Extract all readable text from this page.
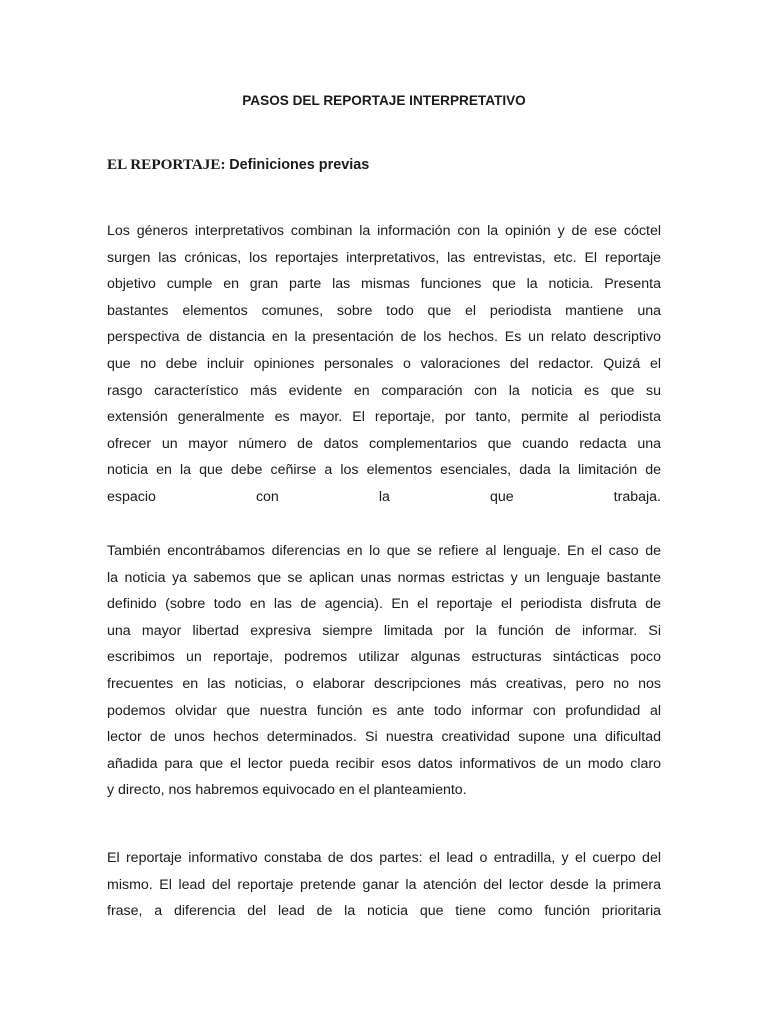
PASOS DEL REPORTAJE INTERPRETATIVO
EL REPORTAJE: Definiciones previas

Los géneros interpretativos combinan la información con la opinión y de ese cóctel
surgen las crónicas, los reportajes interpretativos, las entrevistas, etc. El reportaje
objetivo cumple en gran parte las mismas funciones que la noticia. Presenta
bastantes elementos comunes, sobre todo que el periodista mantiene una
perspectiva de distancia en la presentación de los hechos. Es un relato descriptivo
que no debe incluir opiniones personales o valoraciones del redactor. Quizá el
rasgo característico más evidente en comparación con la noticia es que su
extensión generalmente es mayor. El reportaje, por tanto, permite al periodista
ofrecer un mayor número de datos complementarios que cuando redacta una
noticia en la que debe ceñirse a los elementos esenciales, dada la limitación de
espacio con la que trabaja.

También encontrábamos diferencias en lo que se refiere al lenguaje. En el caso de
la noticia ya sabemos que se aplican unas normas estrictas y un lenguaje bastante
definido (sobre todo en las de agencia). En el reportaje el periodista disfruta de
una mayor libertad expresiva siempre limitada por la función de informar. Si
escribimos un reportaje, podremos utilizar algunas estructuras sintácticas poco
frecuentes en las noticias, o elaborar descripciones más creativas, pero no nos
podemos olvidar que nuestra función es ante todo informar con profundidad al
lector de unos hechos determinados. Si nuestra creatividad supone una dificultad
añadida para que el lector pueda recibir esos datos informativos de un modo claro
y directo, nos habremos equivocado en el planteamiento.

El reportaje informativo constaba de dos partes: el lead o entradilla, y el cuerpo del
mismo. El lead del reportaje pretende ganar la atención del lector desde la primera
frase, a diferencia del lead de la noticia que tiene como función prioritaria
